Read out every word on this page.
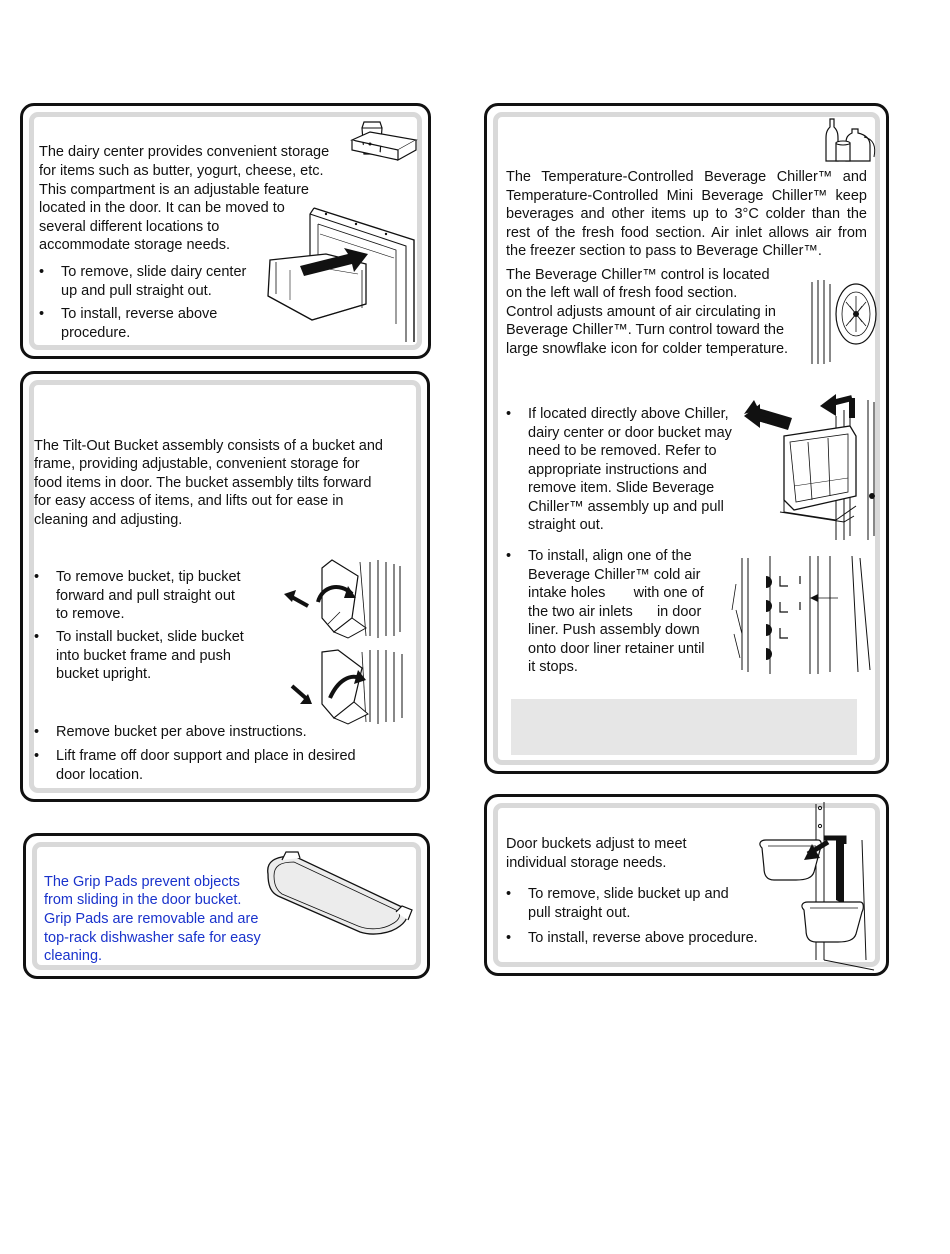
The dairy center provides convenient storage
for items such as butter, yogurt, cheese, etc.
This compartment is an adjustable feature
located in the door. It can be moved to
several different locations to
accommodate storage needs.
• To remove, slide dairy center
up and pull straight out.
• To install, reverse above
procedure.
The Tilt-Out Bucket assembly consists of a bucket and
frame, providing adjustable, convenient storage for
food items in door. The bucket assembly tilts forward
for easy access of items, and lifts out for ease in
cleaning and adjusting.
• To remove bucket, tip bucket
forward and pull straight out
to remove.
• To install bucket, slide bucket
into bucket frame and push
bucket upright.
• Remove bucket per above instructions.
• Lift frame off door support and place in desired
door location.
The Grip Pads prevent objects
from sliding in the door bucket.
Grip Pads are removable and are
top-rack dishwasher safe for easy
cleaning.
The Temperature-Controlled Beverage Chiller™ and
Temperature-Controlled Mini Beverage Chiller™ keep
beverages and other items up to 3°C colder than the
rest of the fresh food section. Air inlet allows air from
the freezer section to pass to Beverage Chiller™.
The Beverage Chiller™ control is located
on the left wall of fresh food section.
Control adjusts amount of air circulating in
Beverage Chiller™. Turn control toward the
large snowflake icon for colder temperature.
• If located directly above Chiller,
dairy center or door bucket may
need to be removed. Refer to
appropriate instructions and
remove item. Slide Beverage
Chiller™ assembly up and pull
straight out.
• To install, align one of the
Beverage Chiller™ cold air
intake holes       with one of
the two air inlets      in door
liner. Push assembly down
onto door liner retainer until
it stops.
Door buckets adjust to meet
individual storage needs.
• To remove, slide bucket up and
pull straight out.
• To install, reverse above procedure.
